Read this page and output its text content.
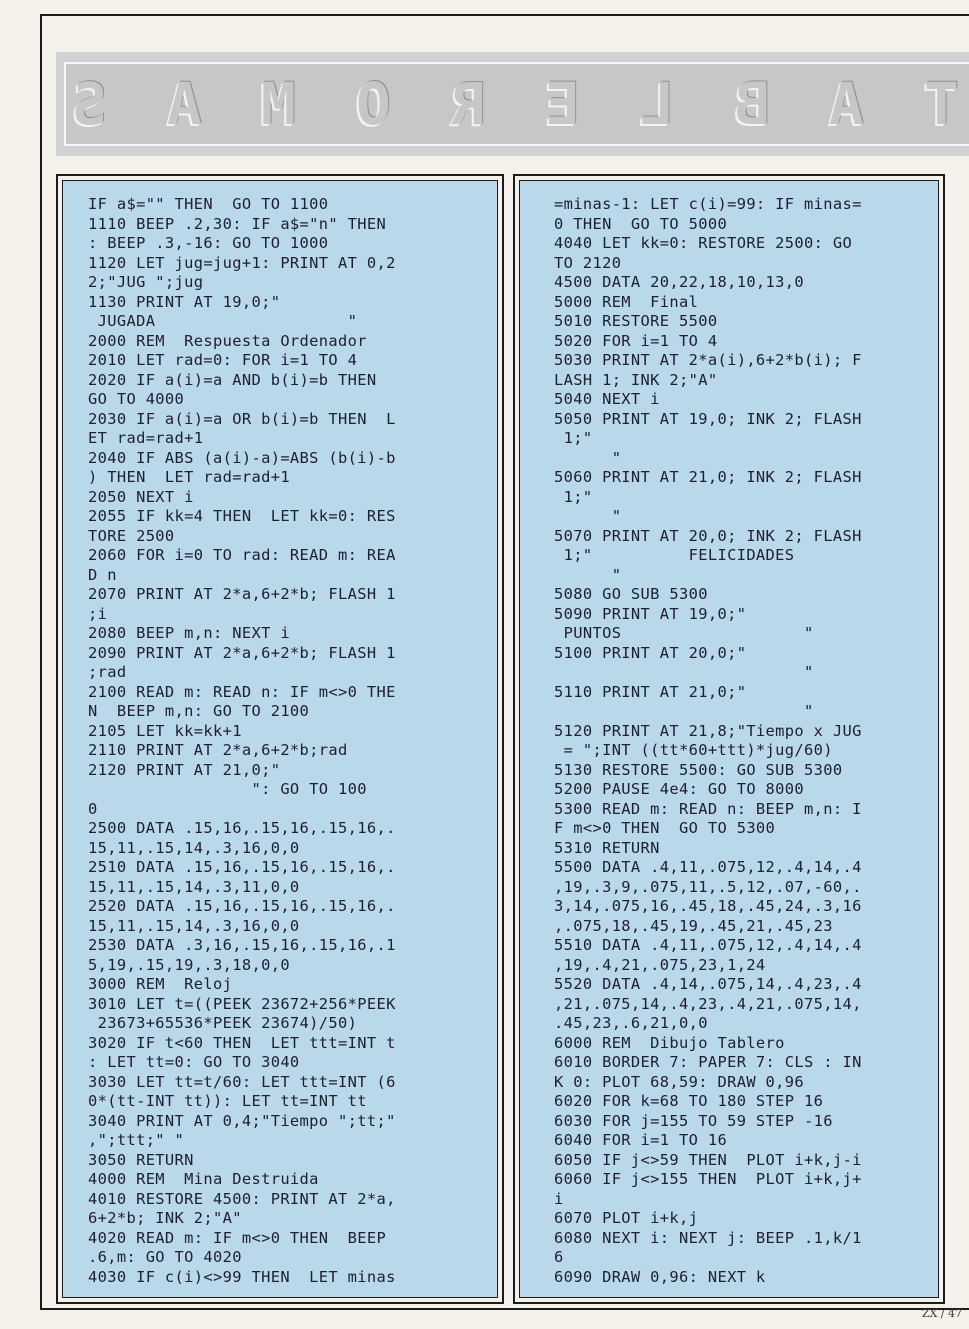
S A M O R E L B A T
IF a$="" THEN  GO TO 1100
1110 BEEP .2,30: IF a$="n" THEN
: BEEP .3,-16: GO TO 1000
1120 LET jug=jug+1: PRINT AT 0,2
2;"JUG ";jug
1130 PRINT AT 19,0;"
JUGADA                    "
2000 REM  Respuesta Ordenador
2010 LET rad=0: FOR i=1 TO 4
2020 IF a(i)=a AND b(i)=b THEN
GO TO 4000
2030 IF a(i)=a OR b(i)=b THEN  L
ET rad=rad+1
2040 IF ABS (a(i)-a)=ABS (b(i)-b
) THEN  LET rad=rad+1
2050 NEXT i
2055 IF kk=4 THEN  LET kk=0: RES
TORE 2500
2060 FOR i=0 TO rad: READ m: REA
D n
2070 PRINT AT 2*a,6+2*b; FLASH 1
;i
2080 BEEP m,n: NEXT i
2090 PRINT AT 2*a,6+2*b; FLASH 1
;rad
2100 READ m: READ n: IF m<>0 THE
N  BEEP m,n: GO TO 2100
2105 LET kk=kk+1
2110 PRINT AT 2*a,6+2*b;rad
2120 PRINT AT 21,0;"
": GO TO 100
0
2500 DATA .15,16,.15,16,.15,16,.
15,11,.15,14,.3,16,0,0
2510 DATA .15,16,.15,16,.15,16,.
15,11,.15,14,.3,11,0,0
2520 DATA .15,16,.15,16,.15,16,.
15,11,.15,14,.3,16,0,0
2530 DATA .3,16,.15,16,.15,16,.1
5,19,.15,19,.3,18,0,0
3000 REM  Reloj
3010 LET t=((PEEK 23672+256*PEEK
23673+65536*PEEK 23674)/50)
3020 IF t<60 THEN  LET ttt=INT t
: LET tt=0: GO TO 3040
3030 LET tt=t/60: LET ttt=INT (6
0*(tt-INT tt)): LET tt=INT tt
3040 PRINT AT 0,4;"Tiempo ";tt;"
,";ttt;" "
3050 RETURN
4000 REM  Mina Destruida
4010 RESTORE 4500: PRINT AT 2*a,
6+2*b; INK 2;"A"
4020 READ m: IF m<>0 THEN  BEEP
.6,m: GO TO 4020
4030 IF c(i)<>99 THEN  LET minas
=minas-1: LET c(i)=99: IF minas=
0 THEN  GO TO 5000
4040 LET kk=0: RESTORE 2500: GO
TO 2120
4500 DATA 20,22,18,10,13,0
5000 REM  Final
5010 RESTORE 5500
5020 FOR i=1 TO 4
5030 PRINT AT 2*a(i),6+2*b(i); F
LASH 1; INK 2;"A"
5040 NEXT i
5050 PRINT AT 19,0; INK 2; FLASH
1;"
"
5060 PRINT AT 21,0; INK 2; FLASH
1;"
"
5070 PRINT AT 20,0; INK 2; FLASH
1;"          FELICIDADES
"
5080 GO SUB 5300
5090 PRINT AT 19,0;"
PUNTOS                   "
5100 PRINT AT 20,0;"
"
5110 PRINT AT 21,0;"
"
5120 PRINT AT 21,8;"Tiempo x JUG
= ";INT ((tt*60+ttt)*jug/60)
5130 RESTORE 5500: GO SUB 5300
5200 PAUSE 4e4: GO TO 8000
5300 READ m: READ n: BEEP m,n: I
F m<>0 THEN  GO TO 5300
5310 RETURN
5500 DATA .4,11,.075,12,.4,14,.4
,19,.3,9,.075,11,.5,12,.07,-60,.
3,14,.075,16,.45,18,.45,24,.3,16
,.075,18,.45,19,.45,21,.45,23
5510 DATA .4,11,.075,12,.4,14,.4
,19,.4,21,.075,23,1,24
5520 DATA .4,14,.075,14,.4,23,.4
,21,.075,14,.4,23,.4,21,.075,14,
.45,23,.6,21,0,0
6000 REM  Dibujo Tablero
6010 BORDER 7: PAPER 7: CLS : IN
K 0: PLOT 68,59: DRAW 0,96
6020 FOR k=68 TO 180 STEP 16
6030 FOR j=155 TO 59 STEP -16
6040 FOR i=1 TO 16
6050 IF j<>59 THEN  PLOT i+k,j-i
6060 IF j<>155 THEN  PLOT i+k,j+
i
6070 PLOT i+k,j
6080 NEXT i: NEXT j: BEEP .1,k/1
6
6090 DRAW 0,96: NEXT k
ZX / 47
